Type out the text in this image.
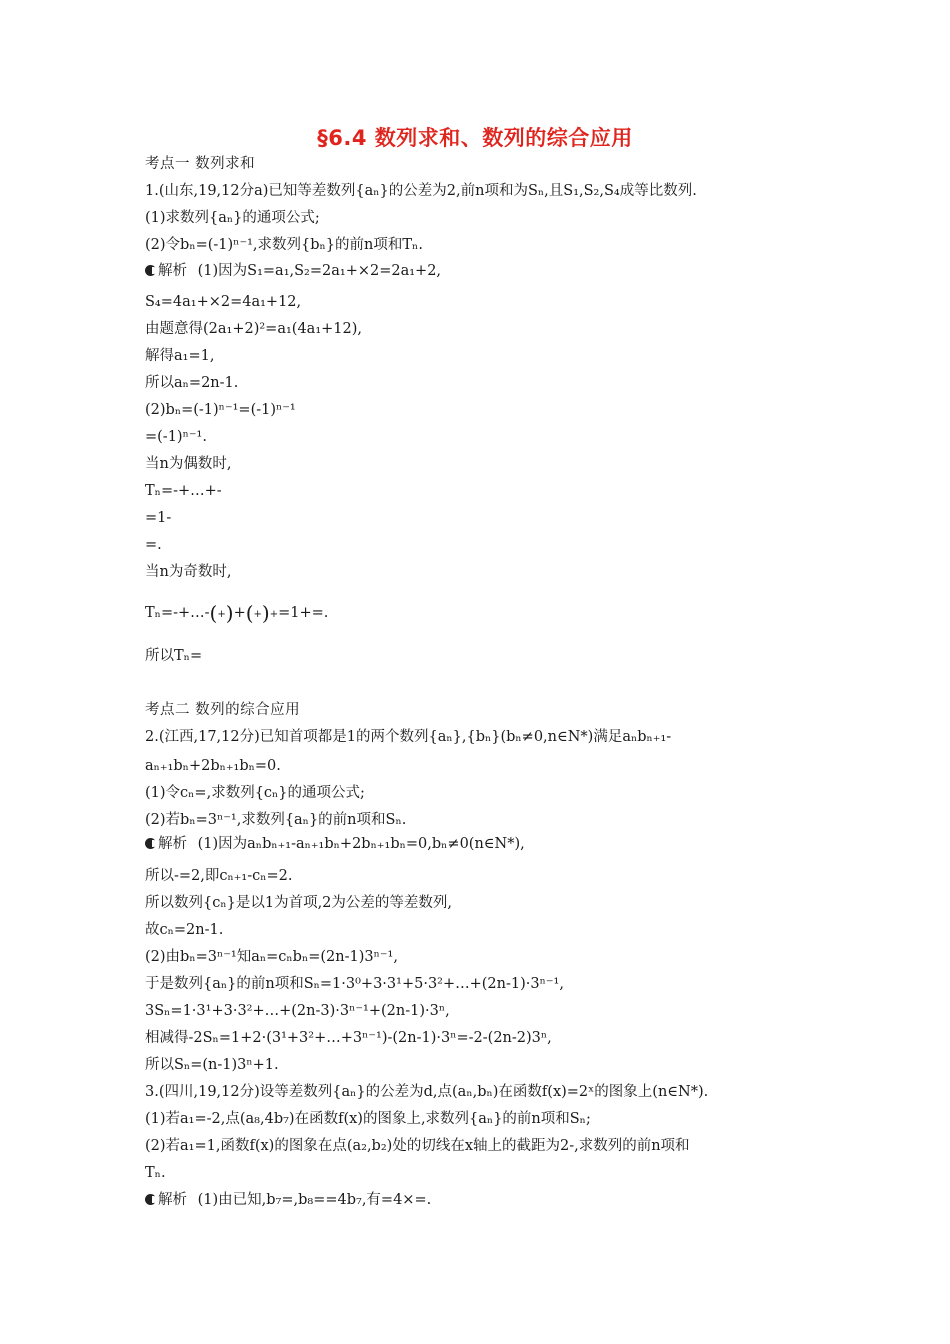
§6.4 数列求和、数列的综合应用
考点一 数列求和
1.(山东,19,12分a)已知等差数列{aₙ}的公差为2,前n项和为Sₙ,且S₁,S₂,S₄成等比数列.
(1)求数列{aₙ}的通项公式;
(2)令bₙ=(-1)ⁿ⁻¹,求数列{bₙ}的前n项和Tₙ.
解析 (1)因为S₁=a₁,S₂=2a₁+×2=2a₁+2,
S₄=4a₁+×2=4a₁+12,
由题意得(2a₁+2)²=a₁(4a₁+12),
解得a₁=1,
所以aₙ=2n-1.
(2)bₙ=(-1)ⁿ⁻¹=(-1)ⁿ⁻¹
=(-1)ⁿ⁻¹.
当n为偶数时,
Tₙ=-+…+-
=1-
=.
当n为奇数时,
Tₙ=-+…-(+)+(+)+=1+=.
所以Tₙ=
考点二 数列的综合应用
2.(江西,17,12分)已知首项都是1的两个数列{aₙ},{bₙ}(bₙ≠0,n∈N*)满足aₙbₙ₊₁-
aₙ₊₁bₙ+2bₙ₊₁bₙ=0.
(1)令cₙ=,求数列{cₙ}的通项公式;
(2)若bₙ=3ⁿ⁻¹,求数列{aₙ}的前n项和Sₙ.
解析 (1)因为aₙbₙ₊₁-aₙ₊₁bₙ+2bₙ₊₁bₙ=0,bₙ≠0(n∈N*),
所以-=2,即cₙ₊₁-cₙ=2.
所以数列{cₙ}是以1为首项,2为公差的等差数列,
故cₙ=2n-1.
(2)由bₙ=3ⁿ⁻¹知aₙ=cₙbₙ=(2n-1)3ⁿ⁻¹,
于是数列{aₙ}的前n项和Sₙ=1·3⁰+3·3¹+5·3²+…+(2n-1)·3ⁿ⁻¹,
3Sₙ=1·3¹+3·3²+…+(2n-3)·3ⁿ⁻¹+(2n-1)·3ⁿ,
相减得-2Sₙ=1+2·(3¹+3²+…+3ⁿ⁻¹)-(2n-1)·3ⁿ=-2-(2n-2)3ⁿ,
所以Sₙ=(n-1)3ⁿ+1.
3.(四川,19,12分)设等差数列{aₙ}的公差为d,点(aₙ,bₙ)在函数f(x)=2ˣ的图象上(n∈N*).
(1)若a₁=-2,点(a₈,4b₇)在函数f(x)的图象上,求数列{aₙ}的前n项和Sₙ;
(2)若a₁=1,函数f(x)的图象在点(a₂,b₂)处的切线在x轴上的截距为2-,求数列的前n项和
Tₙ.
解析 (1)由已知,b₇=,b₈==4b₇,有=4×=.
